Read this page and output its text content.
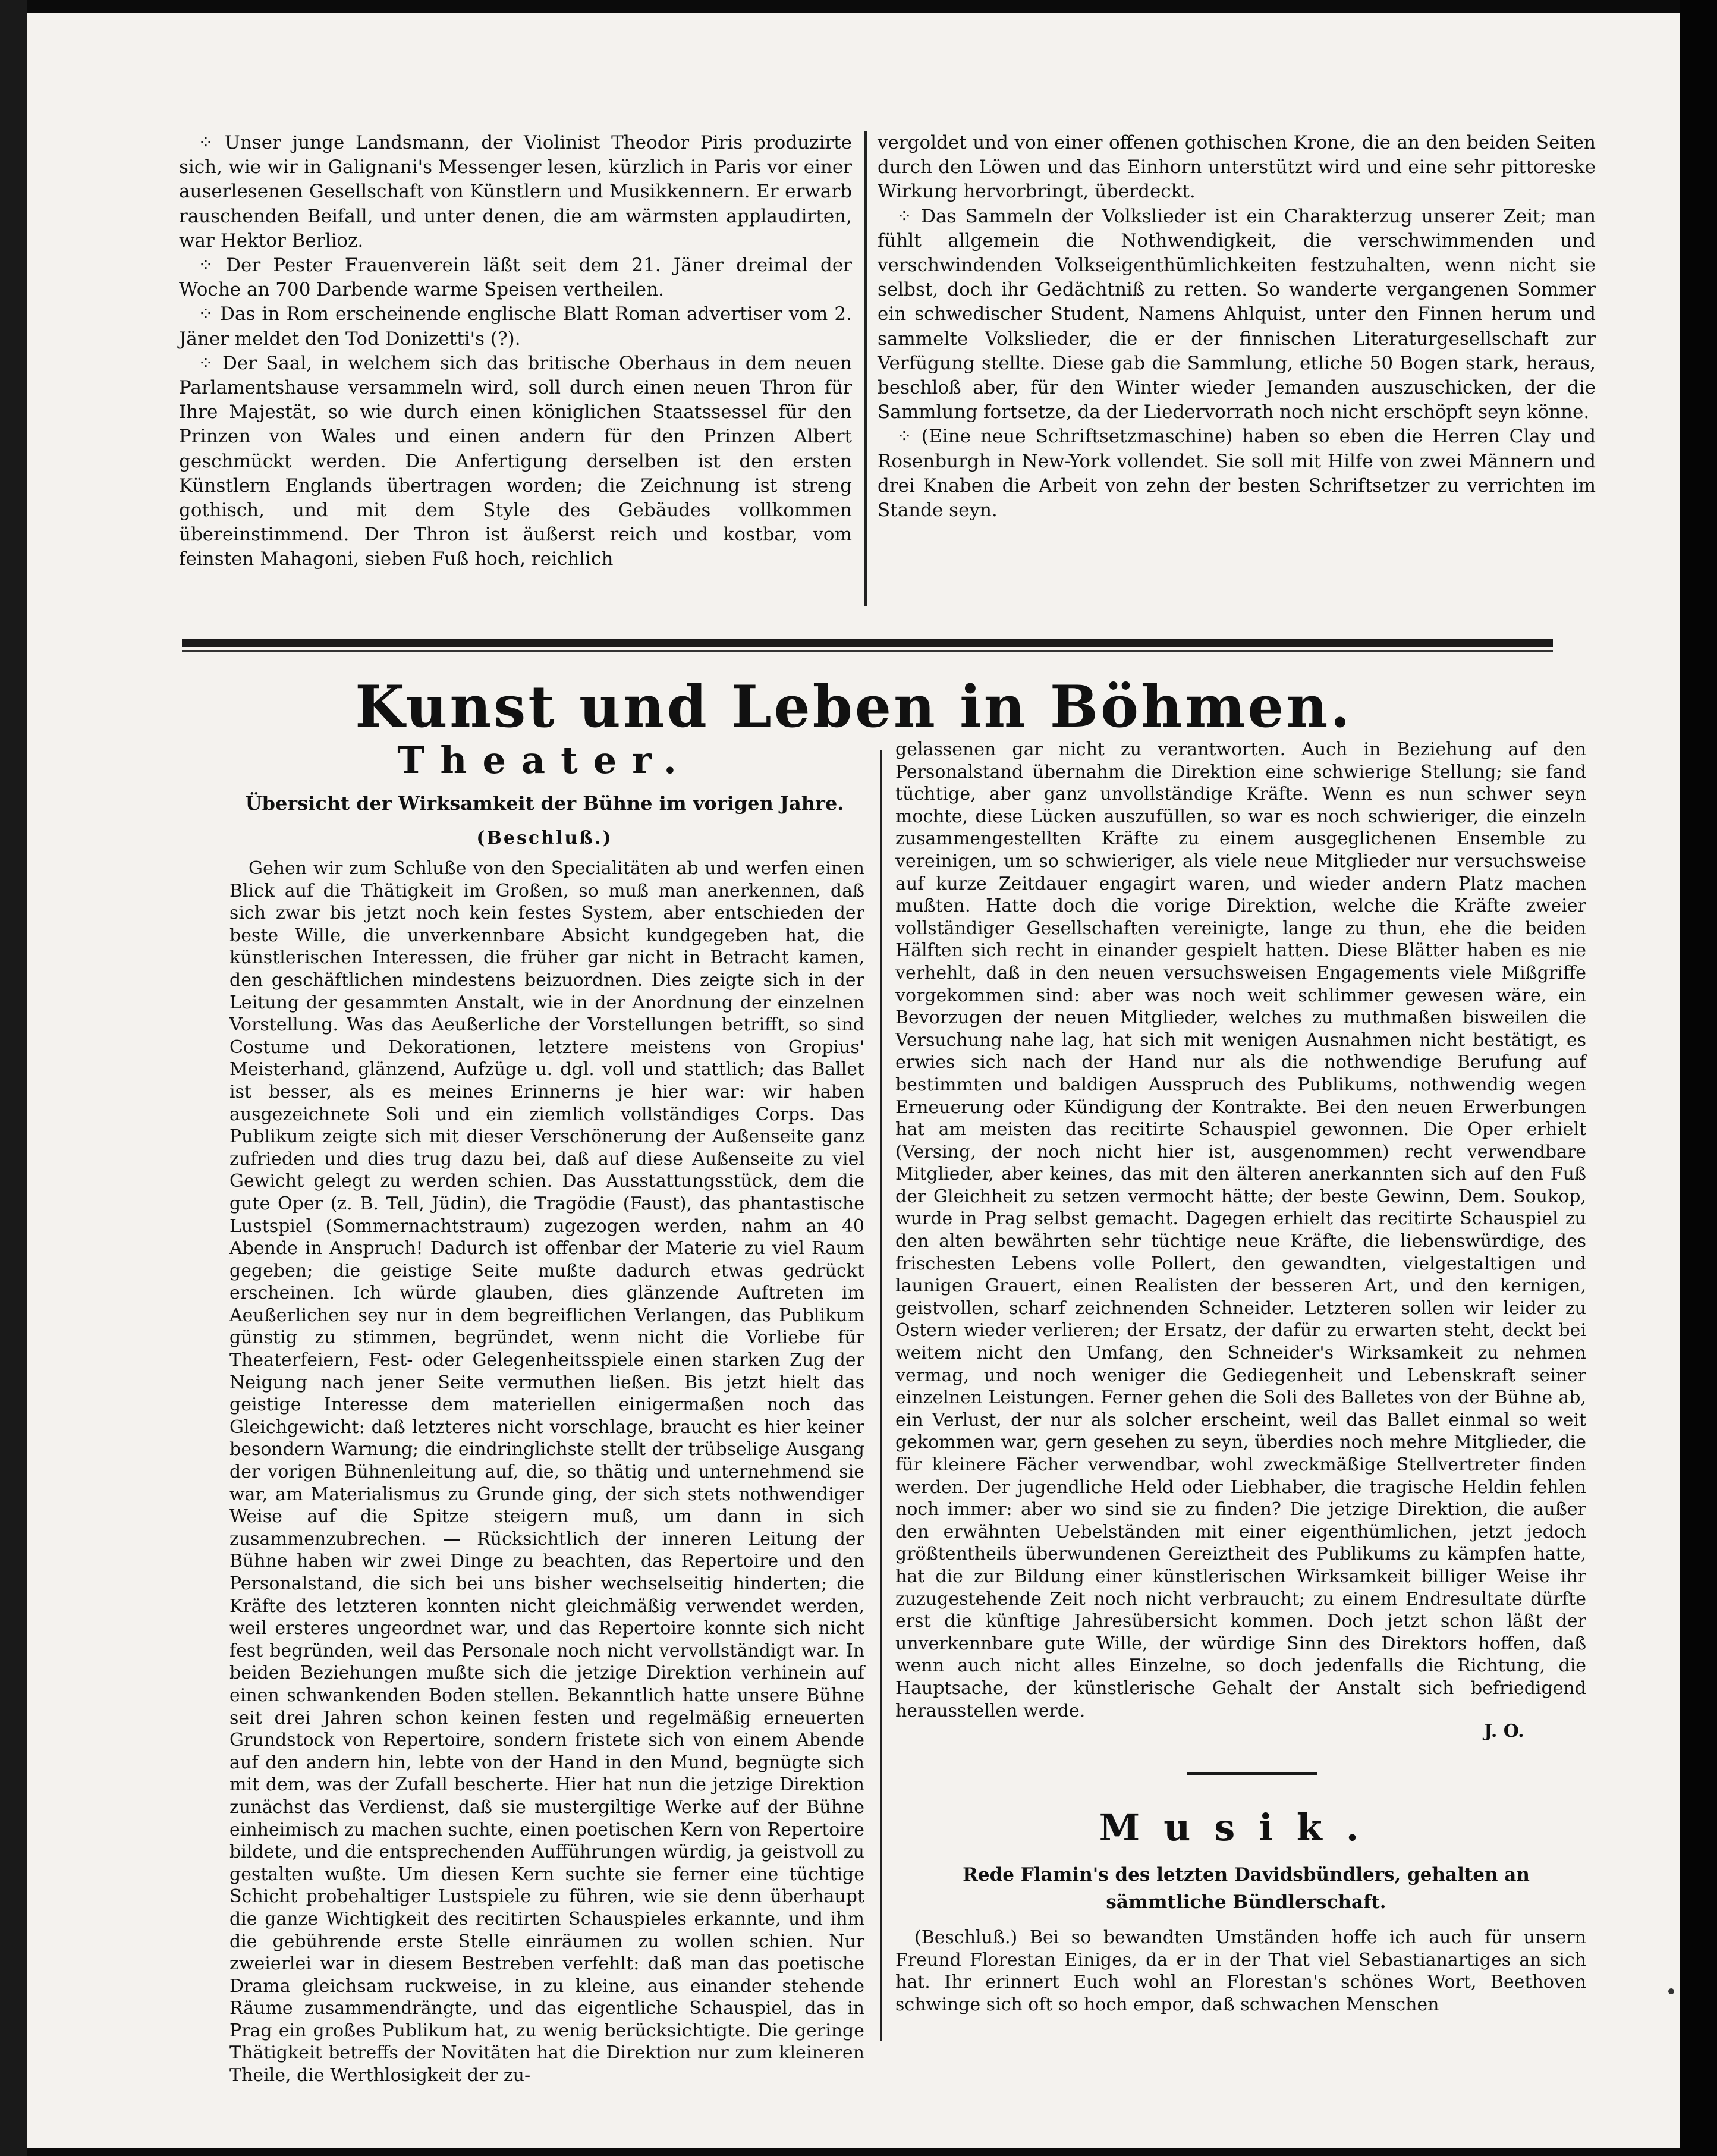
⁘ Unser junge Landsmann, der Violinist Theodor Piris produzirte sich, wie wir in Galignani's Messenger lesen, kürzlich in Paris vor einer auserlesenen Gesellschaft von Künstlern und Musikkennern. Er erwarb rauschenden Beifall, und unter denen, die am wärmsten applaudirten, war Hektor Berlioz.

⁘ Der Pester Frauenverein läßt seit dem 21. Jäner dreimal der Woche an 700 Darbende warme Speisen vertheilen.

⁘ Das in Rom erscheinende englische Blatt Roman advertiser vom 2. Jäner meldet den Tod Donizetti's (?).

⁘ Der Saal, in welchem sich das britische Oberhaus in dem neuen Parlamentshause versammeln wird, soll durch einen neuen Thron für Ihre Majestät, so wie durch einen königlichen Staatssessel für den Prinzen von Wales und einen andern für den Prinzen Albert geschmückt werden. Die Anfertigung derselben ist den ersten Künstlern Englands übertragen worden; die Zeichnung ist streng gothisch, und mit dem Style des Gebäudes vollkommen übereinstimmend. Der Thron ist äußerst reich und kostbar, vom feinsten Mahagoni, sieben Fuß hoch, reichlich

vergoldet und von einer offenen gothischen Krone, die an den beiden Seiten durch den Löwen und das Einhorn unterstützt wird und eine sehr pittoreske Wirkung hervorbringt, überdeckt.

⁘ Das Sammeln der Volkslieder ist ein Charakterzug unserer Zeit; man fühlt allgemein die Nothwendigkeit, die verschwimmenden und verschwindenden Volkseigenthümlichkeiten festzuhalten, wenn nicht sie selbst, doch ihr Gedächtniß zu retten. So wanderte vergangenen Sommer ein schwedischer Student, Namens Ahlquist, unter den Finnen herum und sammelte Volkslieder, die er der finnischen Literaturgesellschaft zur Verfügung stellte. Diese gab die Sammlung, etliche 50 Bogen stark, heraus, beschloß aber, für den Winter wieder Jemanden auszuschicken, der die Sammlung fortsetze, da der Liedervorrath noch nicht erschöpft seyn könne.

⁘ (Eine neue Schriftsetzmaschine) haben so eben die Herren Clay und Rosenburgh in New-York vollendet. Sie soll mit Hilfe von zwei Männern und drei Knaben die Arbeit von zehn der besten Schriftsetzer zu verrichten im Stande seyn.

Kunst und Leben in Böhmen.
Theater.
Übersicht der Wirksamkeit der Bühne im vorigen Jahre.
(Beschluß.)

Gehen wir zum Schluße von den Specialitäten ab und werfen einen Blick auf die Thätigkeit im Großen, so muß man anerkennen, daß sich zwar bis jetzt noch kein festes System, aber entschieden der beste Wille, die unverkennbare Absicht kundgegeben hat, die künstlerischen Interessen, die früher gar nicht in Betracht kamen, den geschäftlichen mindestens beizuordnen. Dies zeigte sich in der Leitung der gesammten Anstalt, wie in der Anordnung der einzelnen Vorstellung. Was das Aeußerliche der Vorstellungen betrifft, so sind Costume und Dekorationen, letztere meistens von Gropius' Meisterhand, glänzend, Aufzüge u. dgl. voll und stattlich; das Ballet ist besser, als es meines Erinnerns je hier war: wir haben ausgezeichnete Soli und ein ziemlich vollständiges Corps. Das Publikum zeigte sich mit dieser Verschönerung der Außenseite ganz zufrieden und dies trug dazu bei, daß auf diese Außenseite zu viel Gewicht gelegt zu werden schien. Das Ausstattungsstück, dem die gute Oper (z. B. Tell, Jüdin), die Tragödie (Faust), das phantastische Lustspiel (Sommernachtstraum) zugezogen werden, nahm an 40 Abende in Anspruch! Dadurch ist offenbar der Materie zu viel Raum gegeben; die geistige Seite mußte dadurch etwas gedrückt erscheinen. Ich würde glauben, dies glänzende Auftreten im Aeußerlichen sey nur in dem begreiflichen Verlangen, das Publikum günstig zu stimmen, begründet, wenn nicht die Vorliebe für Theaterfeiern, Fest- oder Gelegenheitsspiele einen starken Zug der Neigung nach jener Seite vermuthen ließen. Bis jetzt hielt das geistige Interesse dem materiellen einigermaßen noch das Gleichgewicht: daß letzteres nicht vorschlage, braucht es hier keiner besondern Warnung; die eindringlichste stellt der trübselige Ausgang der vorigen Bühnenleitung auf, die, so thätig und unternehmend sie war, am Materialismus zu Grunde ging, der sich stets nothwendiger Weise auf die Spitze steigern muß, um dann in sich zusammenzubrechen. — Rücksichtlich der inneren Leitung der Bühne haben wir zwei Dinge zu beachten, das Repertoire und den Personalstand, die sich bei uns bisher wechselseitig hinderten; die Kräfte des letzteren konnten nicht gleichmäßig verwendet werden, weil ersteres ungeordnet war, und das Repertoire konnte sich nicht fest begründen, weil das Personale noch nicht vervollständigt war. In beiden Beziehungen mußte sich die jetzige Direktion verhinein auf einen schwankenden Boden stellen. Bekanntlich hatte unsere Bühne seit drei Jahren schon keinen festen und regelmäßig erneuerten Grundstock von Repertoire, sondern fristete sich von einem Abende auf den andern hin, lebte von der Hand in den Mund, begnügte sich mit dem, was der Zufall bescherte. Hier hat nun die jetzige Direktion zunächst das Verdienst, daß sie mustergiltige Werke auf der Bühne einheimisch zu machen suchte, einen poetischen Kern von Repertoire bildete, und die entsprechenden Aufführungen würdig, ja geistvoll zu gestalten wußte. Um diesen Kern suchte sie ferner eine tüchtige Schicht probehaltiger Lustspiele zu führen, wie sie denn überhaupt die ganze Wichtigkeit des recitirten Schauspieles erkannte, und ihm die gebührende erste Stelle einräumen zu wollen schien. Nur zweierlei war in diesem Bestreben verfehlt: daß man das poetische Drama gleichsam ruckweise, in zu kleine, aus einander stehende Räume zusammendrängte, und das eigentliche Schauspiel, das in Prag ein großes Publikum hat, zu wenig berücksichtigte. Die geringe Thätigkeit betreffs der Novitäten hat die Direktion nur zum kleineren Theile, die Werthlosigkeit der zu-

gelassenen gar nicht zu verantworten. Auch in Beziehung auf den Personalstand übernahm die Direktion eine schwierige Stellung; sie fand tüchtige, aber ganz unvollständige Kräfte. Wenn es nun schwer seyn mochte, diese Lücken auszufüllen, so war es noch schwieriger, die einzeln zusammengestellten Kräfte zu einem ausgeglichenen Ensemble zu vereinigen, um so schwieriger, als viele neue Mitglieder nur versuchsweise auf kurze Zeitdauer engagirt waren, und wieder andern Platz machen mußten. Hatte doch die vorige Direktion, welche die Kräfte zweier vollständiger Gesellschaften vereinigte, lange zu thun, ehe die beiden Hälften sich recht in einander gespielt hatten. Diese Blätter haben es nie verhehlt, daß in den neuen versuchsweisen Engagements viele Mißgriffe vorgekommen sind: aber was noch weit schlimmer gewesen wäre, ein Bevorzugen der neuen Mitglieder, welches zu muthmaßen bisweilen die Versuchung nahe lag, hat sich mit wenigen Ausnahmen nicht bestätigt, es erwies sich nach der Hand nur als die nothwendige Berufung auf bestimmten und baldigen Ausspruch des Publikums, nothwendig wegen Erneuerung oder Kündigung der Kontrakte. Bei den neuen Erwerbungen hat am meisten das recitirte Schauspiel gewonnen. Die Oper erhielt (Versing, der noch nicht hier ist, ausgenommen) recht verwendbare Mitglieder, aber keines, das mit den älteren anerkannten sich auf den Fuß der Gleichheit zu setzen vermocht hätte; der beste Gewinn, Dem. Soukop, wurde in Prag selbst gemacht. Dagegen erhielt das recitirte Schauspiel zu den alten bewährten sehr tüchtige neue Kräfte, die liebenswürdige, des frischesten Lebens volle Pollert, den gewandten, vielgestaltigen und launigen Grauert, einen Realisten der besseren Art, und den kernigen, geistvollen, scharf zeichnenden Schneider. Letzteren sollen wir leider zu Ostern wieder verlieren; der Ersatz, der dafür zu erwarten steht, deckt bei weitem nicht den Umfang, den Schneider's Wirksamkeit zu nehmen vermag, und noch weniger die Gediegenheit und Lebenskraft seiner einzelnen Leistungen. Ferner gehen die Soli des Balletes von der Bühne ab, ein Verlust, der nur als solcher erscheint, weil das Ballet einmal so weit gekommen war, gern gesehen zu seyn, überdies noch mehre Mitglieder, die für kleinere Fächer verwendbar, wohl zweckmäßige Stellvertreter finden werden. Der jugendliche Held oder Liebhaber, die tragische Heldin fehlen noch immer: aber wo sind sie zu finden? Die jetzige Direktion, die außer den erwähnten Uebelständen mit einer eigenthümlichen, jetzt jedoch größtentheils überwundenen Gereiztheit des Publikums zu kämpfen hatte, hat die zur Bildung einer künstlerischen Wirksamkeit billiger Weise ihr zuzugestehende Zeit noch nicht verbraucht; zu einem Endresultate dürfte erst die künftige Jahresübersicht kommen. Doch jetzt schon läßt der unverkennbare gute Wille, der würdige Sinn des Direktors hoffen, daß wenn auch nicht alles Einzelne, so doch jedenfalls die Richtung, die Hauptsache, der künstlerische Gehalt der Anstalt sich befriedigend herausstellen werde.

J. O.
Musik.
Rede Flamin's des letzten Davidsbündlers, gehalten an sämmtliche Bündlerschaft.

(Beschluß.) Bei so bewandten Umständen hoffe ich auch für unsern Freund Florestan Einiges, da er in der That viel Sebastianartiges an sich hat. Ihr erinnert Euch wohl an Florestan's schönes Wort, Beethoven schwinge sich oft so hoch empor, daß schwachen Menschen
